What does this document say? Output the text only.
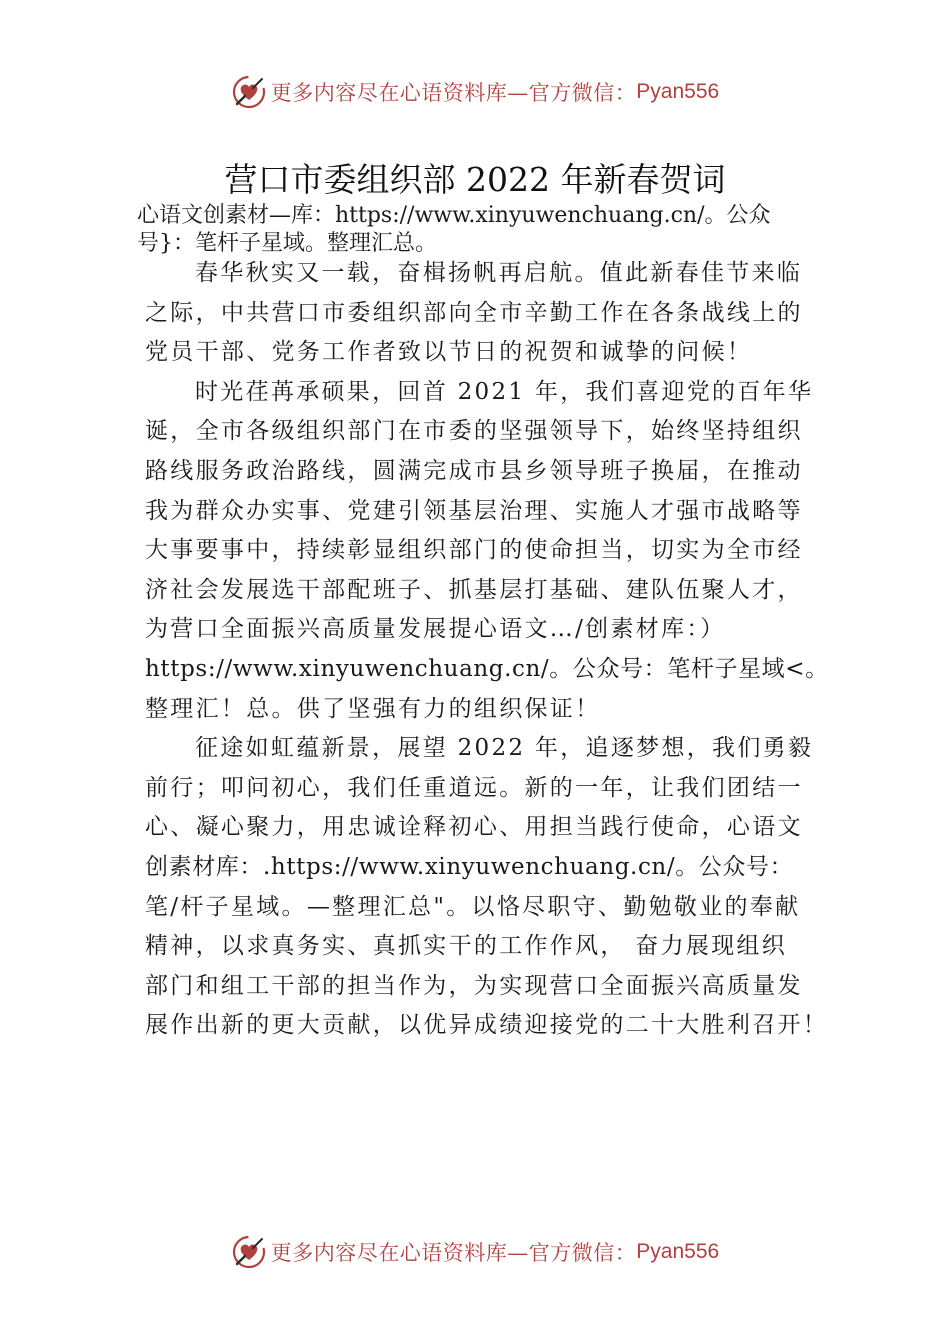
更多内容尽在心语资料库—官方微信： Pyan556
营口市委组织部 2022 年新春贺词
心语文创素材—库：https://www.xinyuwenchuang.cn/。公众
号}：笔杆子星域。整理汇总。
春华秋实又一载，奋楫扬帆再启航。值此新春佳节来临
之际，中共营口市委组织部向全市辛勤工作在各条战线上的
党员干部、党务工作者致以节日的祝贺和诚挚的问候！
时光荏苒承硕果，回首 2021 年，我们喜迎党的百年华
诞，全市各级组织部门在市委的坚强领导下，始终坚持组织
路线服务政治路线，圆满完成市县乡领导班子换届，在推动
我为群众办实事、党建引领基层治理、实施人才强市战略等
大事要事中，持续彰显组织部门的使命担当，切实为全市经
济社会发展选干部配班子、抓基层打基础、建队伍聚人才，
为营口全面振兴高质量发展提心语文…/创素材库：）
https://www.xinyuwenchuang.cn/。公众号：笔杆子星域<。
整理汇！总。供了坚强有力的组织保证！
征途如虹蕴新景，展望 2022 年，追逐梦想，我们勇毅
前行；叩问初心，我们任重道远。新的一年，让我们团结一
心、凝心聚力，用忠诚诠释初心、用担当践行使命，心语文
创素材库：.https://www.xinyuwenchuang.cn/。公众号：
笔/杆子星域。—整理汇总"。以恪尽职守、勤勉敬业的奉献
精神，以求真务实、真抓实干的工作作风， 奋力展现组织
部门和组工干部的担当作为，为实现营口全面振兴高质量发
展作出新的更大贡献，以优异成绩迎接党的二十大胜利召开！
更多内容尽在心语资料库—官方微信： Pyan556
